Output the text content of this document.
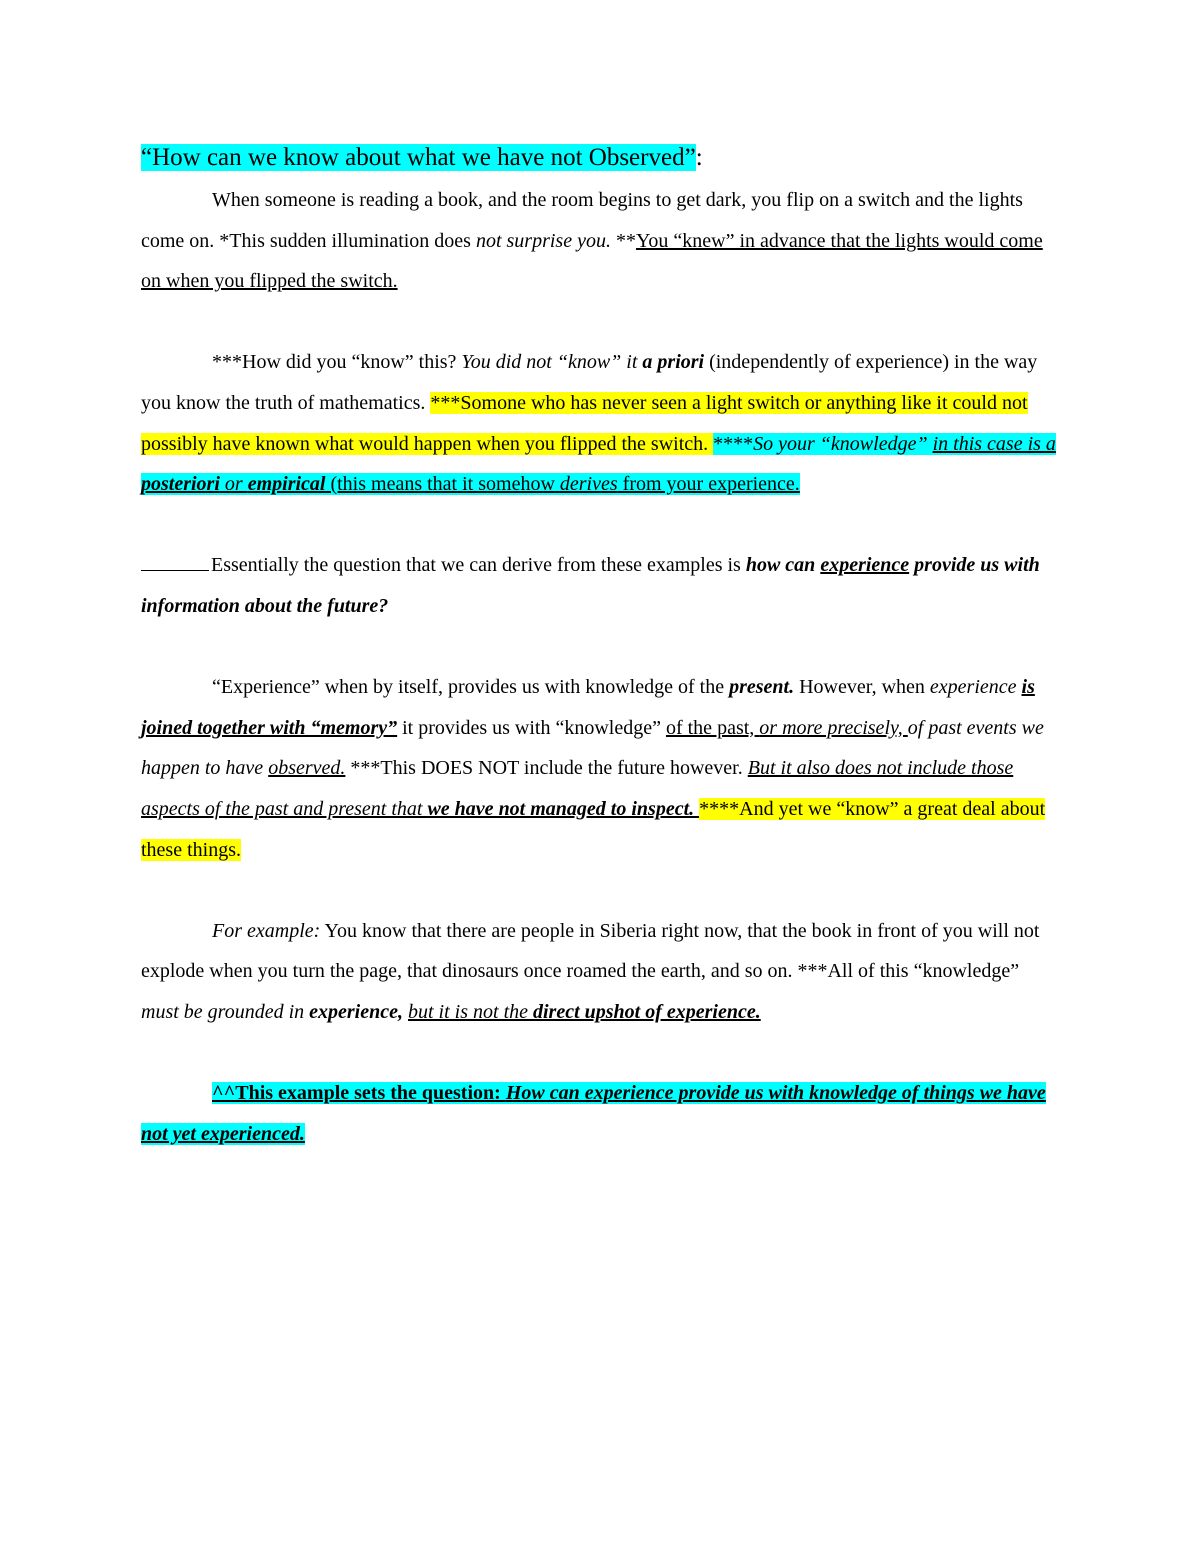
“How can we know about what we have not Observed”:

When someone is reading a book, and the room begins to get dark, you flip on a switch and the lights come on. *This sudden illumination does not surprise you. **You “knew” in advance that the lights would come on when you flipped the switch.

***How did you “know” this? You did not “know” it a priori (independently of experience) in the way you know the truth of mathematics. ***Somone who has never seen a light switch or anything like it could not possibly have known what would happen when you flipped the switch. ****So your “knowledge” in this case is a posteriori or empirical (this means that it somehow derives from your experience.

Essentially the question that we can derive from these examples is how can experience provide us with information about the future?

“Experience” when by itself, provides us with knowledge of the present. However, when experience is joined together with “memory” it provides us with “knowledge” of the past, or more precisely, of past events we happen to have observed. ***This DOES NOT include the future however. But it also does not include those aspects of the past and present that we have not managed to inspect. ****And yet we “know” a great deal about these things.

For example: You know that there are people in Siberia right now, that the book in front of you will not explode when you turn the page, that dinosaurs once roamed the earth, and so on. ***All of this “knowledge” must be grounded in experience, but it is not the direct upshot of experience.

^^This example sets the question: How can experience provide us with knowledge of things we have not yet experienced.
